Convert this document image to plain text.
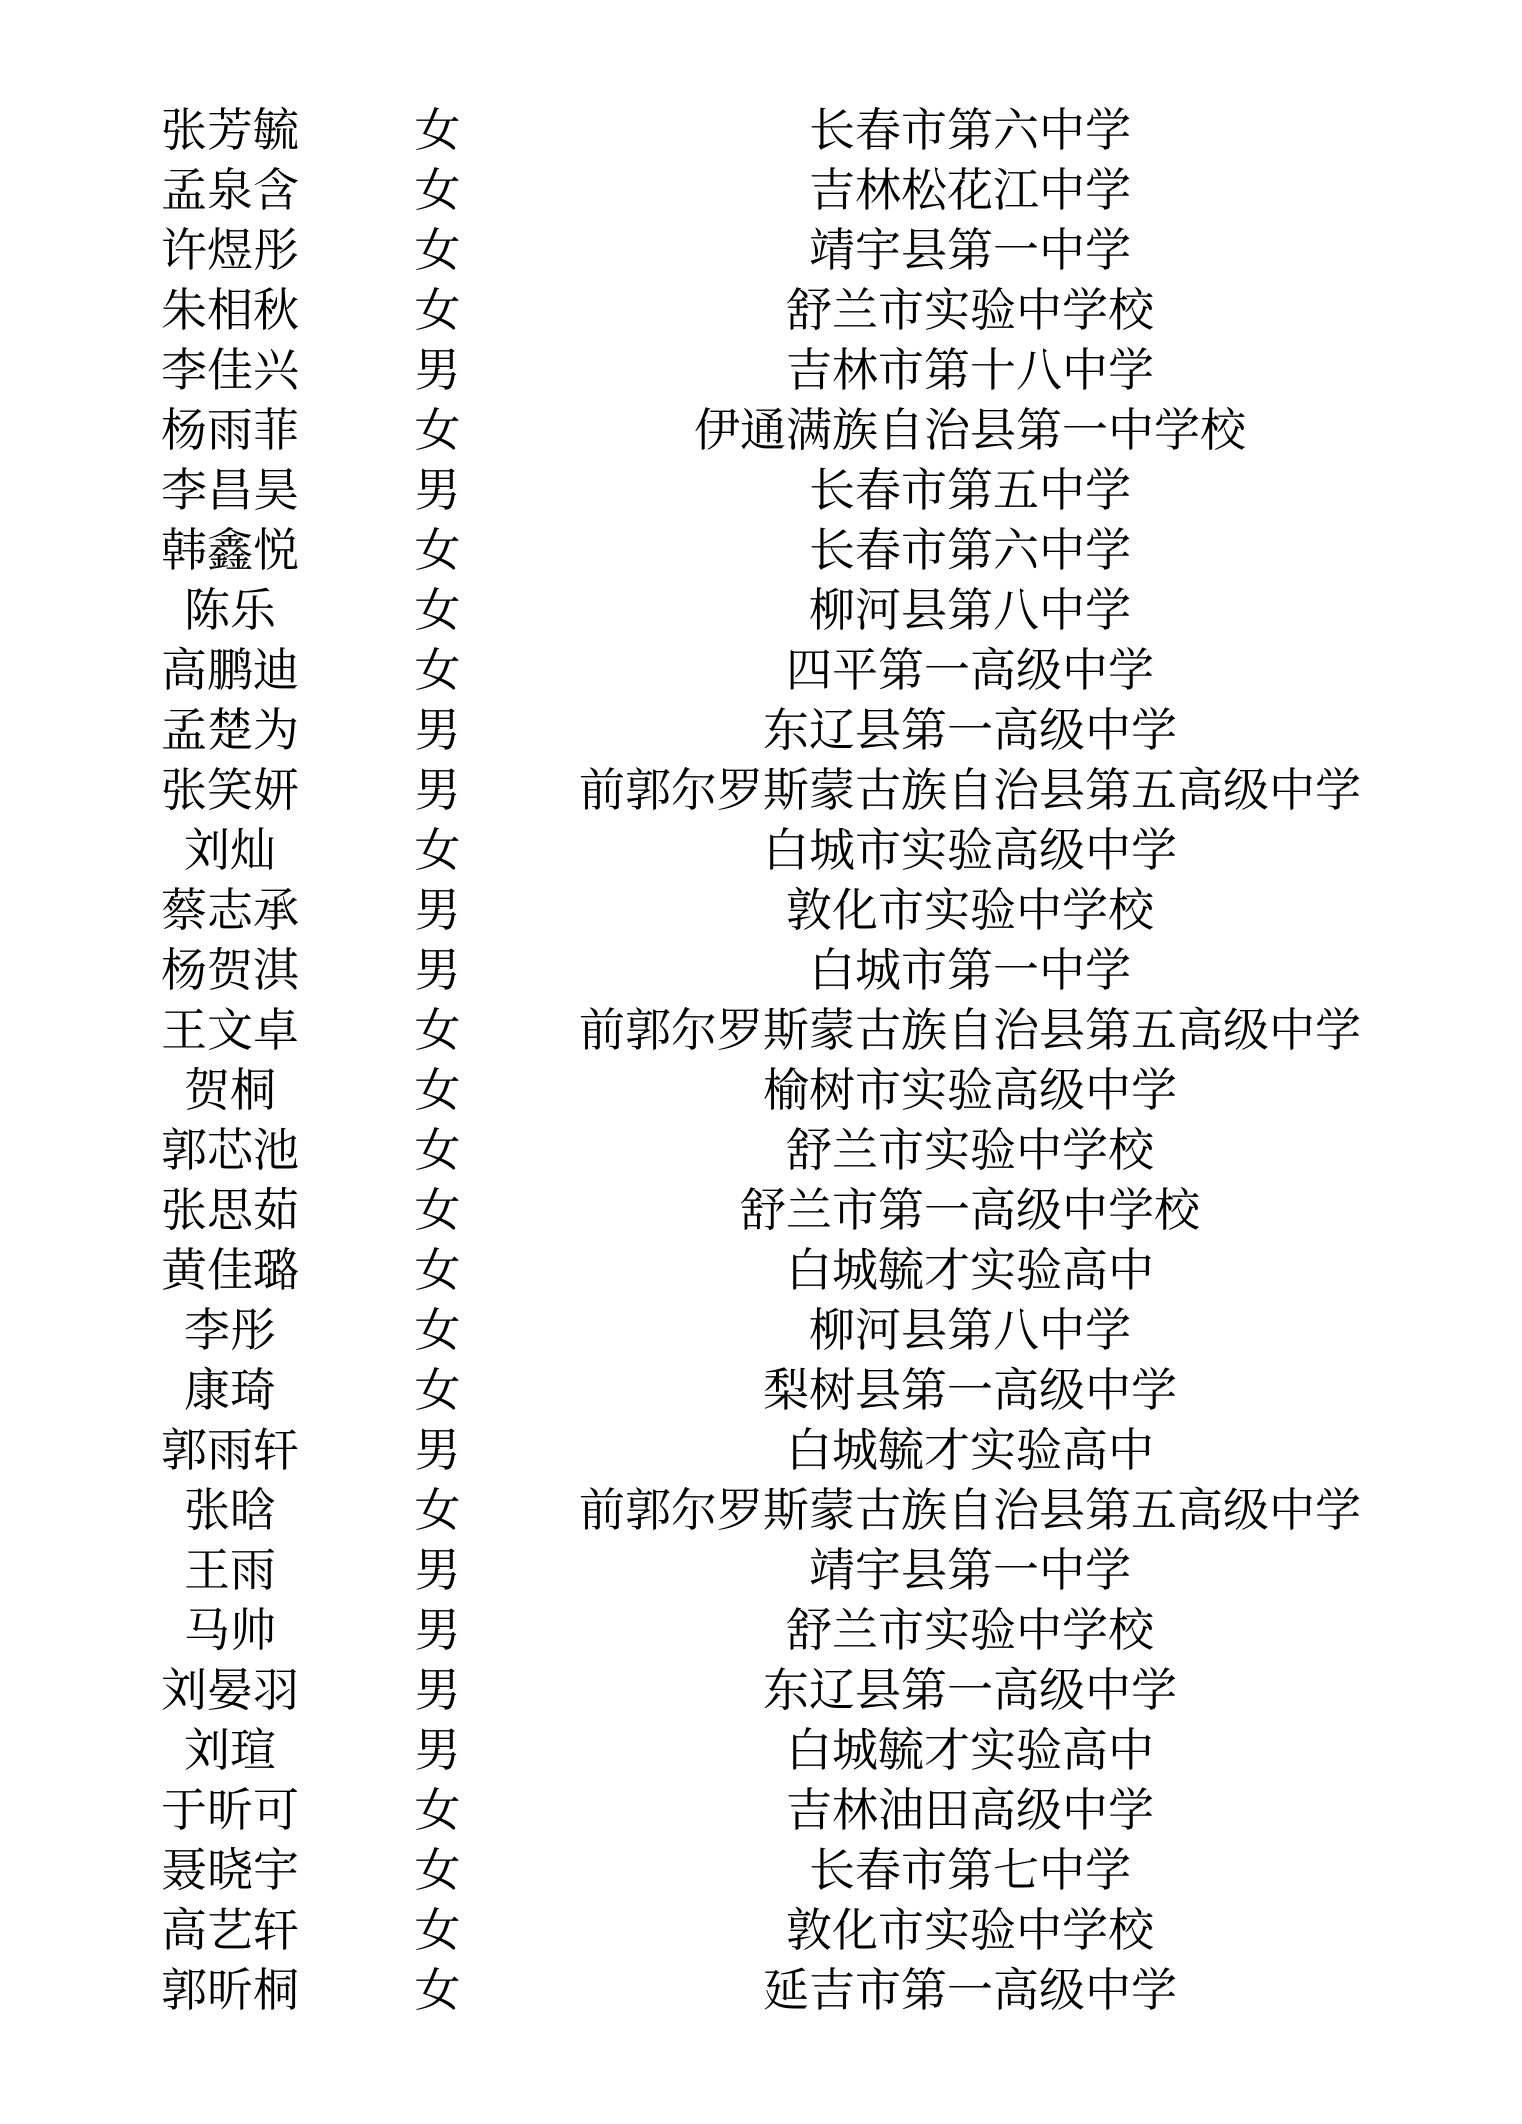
张芳毓	女	长春市第六中学
孟泉含	女	吉林松花江中学
许煜彤	女	靖宇县第一中学
朱相秋	女	舒兰市实验中学校
李佳兴	男	吉林市第十八中学
杨雨菲	女	伊通满族自治县第一中学校
李昌昊	男	长春市第五中学
韩鑫悦	女	长春市第六中学
陈乐	女	柳河县第八中学
高鹏迪	女	四平第一高级中学
孟楚为	男	东辽县第一高级中学
张笑妍	男	前郭尔罗斯蒙古族自治县第五高级中学
刘灿	女	白城市实验高级中学
蔡志承	男	敦化市实验中学校
杨贺淇	男	白城市第一中学
王文卓	女	前郭尔罗斯蒙古族自治县第五高级中学
贺桐	女	榆树市实验高级中学
郭芯池	女	舒兰市实验中学校
张思茹	女	舒兰市第一高级中学校
黄佳璐	女	白城毓才实验高中
李彤	女	柳河县第八中学
康琦	女	梨树县第一高级中学
郭雨轩	男	白城毓才实验高中
张晗	女	前郭尔罗斯蒙古族自治县第五高级中学
王雨	男	靖宇县第一中学
马帅	男	舒兰市实验中学校
刘晏羽	男	东辽县第一高级中学
刘瑄	男	白城毓才实验高中
于昕可	女	吉林油田高级中学
聂晓宇	女	长春市第七中学
高艺轩	女	敦化市实验中学校
郭昕桐	女	延吉市第一高级中学
